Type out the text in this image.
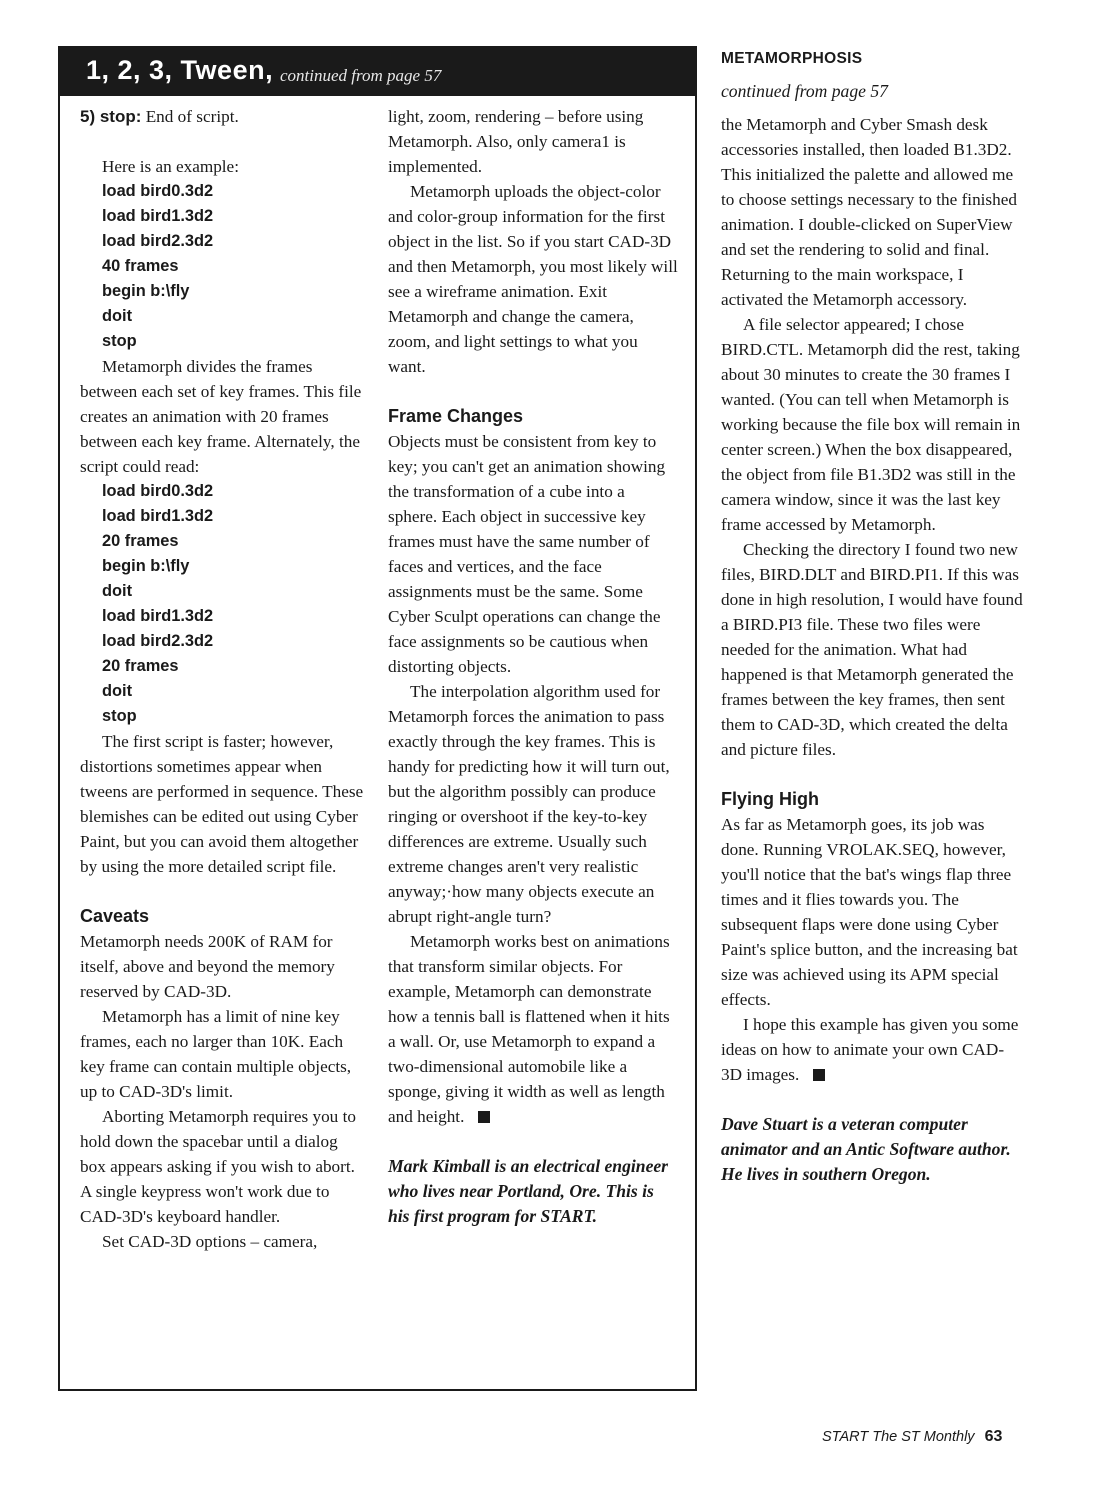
1, 2, 3, Tween, continued from page 57

5) stop: End of script.

Here is an example:

load bird0.3d2
load bird1.3d2
load bird2.3d2
40 frames
begin b:\fly
doit
stop

Metamorph divides the frames between each set of key frames. This file creates an animation with 20 frames between each key frame. Alternately, the script could read:

load bird0.3d2
load bird1.3d2
20 frames
begin b:\fly
doit
load bird1.3d2
load bird2.3d2
20 frames
doit
stop

The first script is faster; however, distortions sometimes appear when tweens are performed in sequence. These blemishes can be edited out using Cyber Paint, but you can avoid them altogether by using the more detailed script file.

Caveats

Metamorph needs 200K of RAM for itself, above and beyond the memory reserved by CAD-3D.

Metamorph has a limit of nine key frames, each no larger than 10K. Each key frame can contain multiple objects, up to CAD-3D's limit.

Aborting Metamorph requires you to hold down the spacebar until a dialog box appears asking if you wish to abort. A single keypress won't work due to CAD-3D's keyboard handler.

Set CAD-3D options – camera,

light, zoom, rendering – before using Metamorph. Also, only camera1 is implemented.

Metamorph uploads the object-color and color-group information for the first object in the list. So if you start CAD-3D and then Metamorph, you most likely will see a wireframe animation. Exit Metamorph and change the camera, zoom, and light settings to what you want.

Frame Changes

Objects must be consistent from key to key; you can't get an animation showing the transformation of a cube into a sphere. Each object in successive key frames must have the same number of faces and vertices, and the face assignments must be the same. Some Cyber Sculpt operations can change the face assignments so be cautious when distorting objects.

The interpolation algorithm used for Metamorph forces the animation to pass exactly through the key frames. This is handy for predicting how it will turn out, but the algorithm possibly can produce ringing or overshoot if the key-to-key differences are extreme. Usually such extreme changes aren't very realistic anyway;·how many objects execute an abrupt right-angle turn?

Metamorph works best on animations that transform similar objects. For example, Metamorph can demonstrate how a tennis ball is flattened when it hits a wall. Or, use Metamorph to expand a two-dimensional automobile like a sponge, giving it width as well as length and height.

Mark Kimball is an electrical engineer who lives near Portland, Ore. This is his first program for START.

METAMORPHOSIS

continued from page 57

the Metamorph and Cyber Smash desk accessories installed, then loaded B1.3D2. This initialized the palette and allowed me to choose settings necessary to the finished animation. I double-clicked on SuperView and set the rendering to solid and final. Returning to the main workspace, I activated the Metamorph accessory.

A file selector appeared; I chose BIRD.CTL. Metamorph did the rest, taking about 30 minutes to create the 30 frames I wanted. (You can tell when Metamorph is working because the file box will remain in center screen.) When the box disappeared, the object from file B1.3D2 was still in the camera window, since it was the last key frame accessed by Metamorph.

Checking the directory I found two new files, BIRD.DLT and BIRD.PI1. If this was done in high resolution, I would have found a BIRD.PI3 file. These two files were needed for the animation. What had happened is that Metamorph generated the frames between the key frames, then sent them to CAD-3D, which created the delta and picture files.

Flying High

As far as Metamorph goes, its job was done. Running VROLAK.SEQ, however, you'll notice that the bat's wings flap three times and it flies towards you. The subsequent flaps were done using Cyber Paint's splice button, and the increasing bat size was achieved using its APM special effects.

I hope this example has given you some ideas on how to animate your own CAD-3D images.

Dave Stuart is a veteran computer animator and an Antic Software author. He lives in southern Oregon.

START The ST Monthly 63
